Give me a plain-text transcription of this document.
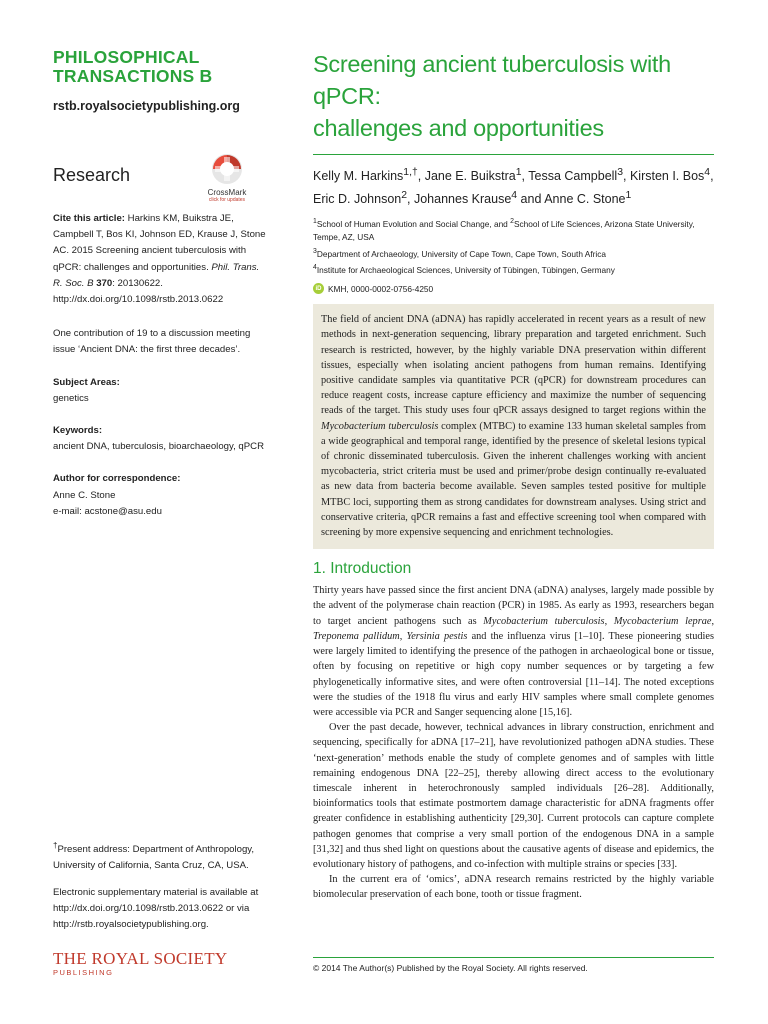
PHILOSOPHICAL
TRANSACTIONS B
rstb.royalsocietypublishing.org
Research
CrossMark
click for updates
Cite this article: Harkins KM, Buikstra JE, Campbell T, Bos KI, Johnson ED, Krause J, Stone AC. 2015 Screening ancient tuberculosis with qPCR: challenges and opportunities. Phil. Trans. R. Soc. B 370: 20130622.
http://dx.doi.org/10.1098/rstb.2013.0622
One contribution of 19 to a discussion meeting issue ‘Ancient DNA: the first three decades’.
Subject Areas:
genetics
Keywords:
ancient DNA, tuberculosis, bioarchaeology, qPCR
Author for correspondence:
Anne C. Stone
e-mail: acstone@asu.edu
†Present address: Department of Anthropology, University of California, Santa Cruz, CA, USA.
Electronic supplementary material is available at http://dx.doi.org/10.1098/rstb.2013.0622 or via http://rstb.royalsocietypublishing.org.
THE ROYAL SOCIETY
PUBLISHING
Screening ancient tuberculosis with qPCR:
challenges and opportunities
Kelly M. Harkins$^{1,\dagger}$, Jane E. Buikstra$^1$, Tessa Campbell$^3$, Kirsten I. Bos$^4$, Eric D. Johnson$^2$, Johannes Krause$^4$ and Anne C. Stone$^1$
$^1$School of Human Evolution and Social Change, and $^2$School of Life Sciences, Arizona State University, Tempe, AZ, USA
$^3$Department of Archaeology, University of Cape Town, Cape Town, South Africa
$^4$Institute for Archaeological Sciences, University of Tübingen, Tübingen, Germany
iD KMH, 0000-0002-0756-4250
The field of ancient DNA (aDNA) has rapidly accelerated in recent years as a result of new methods in next-generation sequencing, library preparation and targeted enrichment. Such research is restricted, however, by the highly variable DNA preservation within different tissues, especially when isolating ancient pathogens from human remains. Identifying positive candidate samples via quantitative PCR (qPCR) for downstream procedures can reduce reagent costs, increase capture efficiency and maximize the number of sequencing reads of the target. This study uses four qPCR assays designed to target regions within the Mycobacterium tuberculosis complex (MTBC) to examine 133 human skeletal samples from a wide geographical and temporal range, identified by the presence of skeletal lesions typical of chronic disseminated tuberculosis. Given the inherent challenges working with ancient mycobacteria, strict criteria must be used and primer/probe design continually re-evaluated as new data from bacteria become available. Seven samples tested positive for multiple MTBC loci, supporting them as strong candidates for downstream analyses. Using strict and conservative criteria, qPCR remains a fast and effective screening tool when compared with screening by more expensive sequencing and enrichment technologies.
1. Introduction

Thirty years have passed since the first ancient DNA (aDNA) analyses, largely made possible by the advent of the polymerase chain reaction (PCR) in 1985. As early as 1993, researchers began to target ancient pathogens such as Mycobacterium tuberculosis, Mycobacterium leprae, Treponema pallidum, Yersinia pestis and the influenza virus [1–10]. These pioneering studies were largely limited to identifying the presence of the pathogen in archaeological bone or tissue, often by focusing on repetitive or high copy number sequences or by targeting a few phylogenetically informative sites, and were often controversial [11–14]. The noted exceptions were the studies of the 1918 flu virus and early HIV samples where small complete genomes were accessible via PCR and Sanger sequencing alone [15,16].

Over the past decade, however, technical advances in library construction, enrichment and sequencing, specifically for aDNA [17–21], have revolutionized pathogen aDNA studies. These ‘next-generation’ methods enable the study of complete genomes and of samples with little remaining endogenous DNA [22–25], thereby allowing direct access to the evolutionary timescale inherent in heterochronously sampled individuals [26–28]. Additionally, bioinformatics tools that estimate postmortem damage characteristic for aDNA fragments offer greater confidence in establishing authenticity [29,30]. Current protocols can capture complete pathogen genomes that comprise a very small portion of the endogenous DNA in a sample [31,32] and thus shed light on questions about the causative agents of disease and epidemics, the evolutionary history of pathogens, and co-infection with multiple strains or species [33].

In the current era of ‘omics’, aDNA research remains restricted by the highly variable biomolecular preservation of each bone, tooth or tissue fragment.

© 2014 The Author(s) Published by the Royal Society. All rights reserved.
